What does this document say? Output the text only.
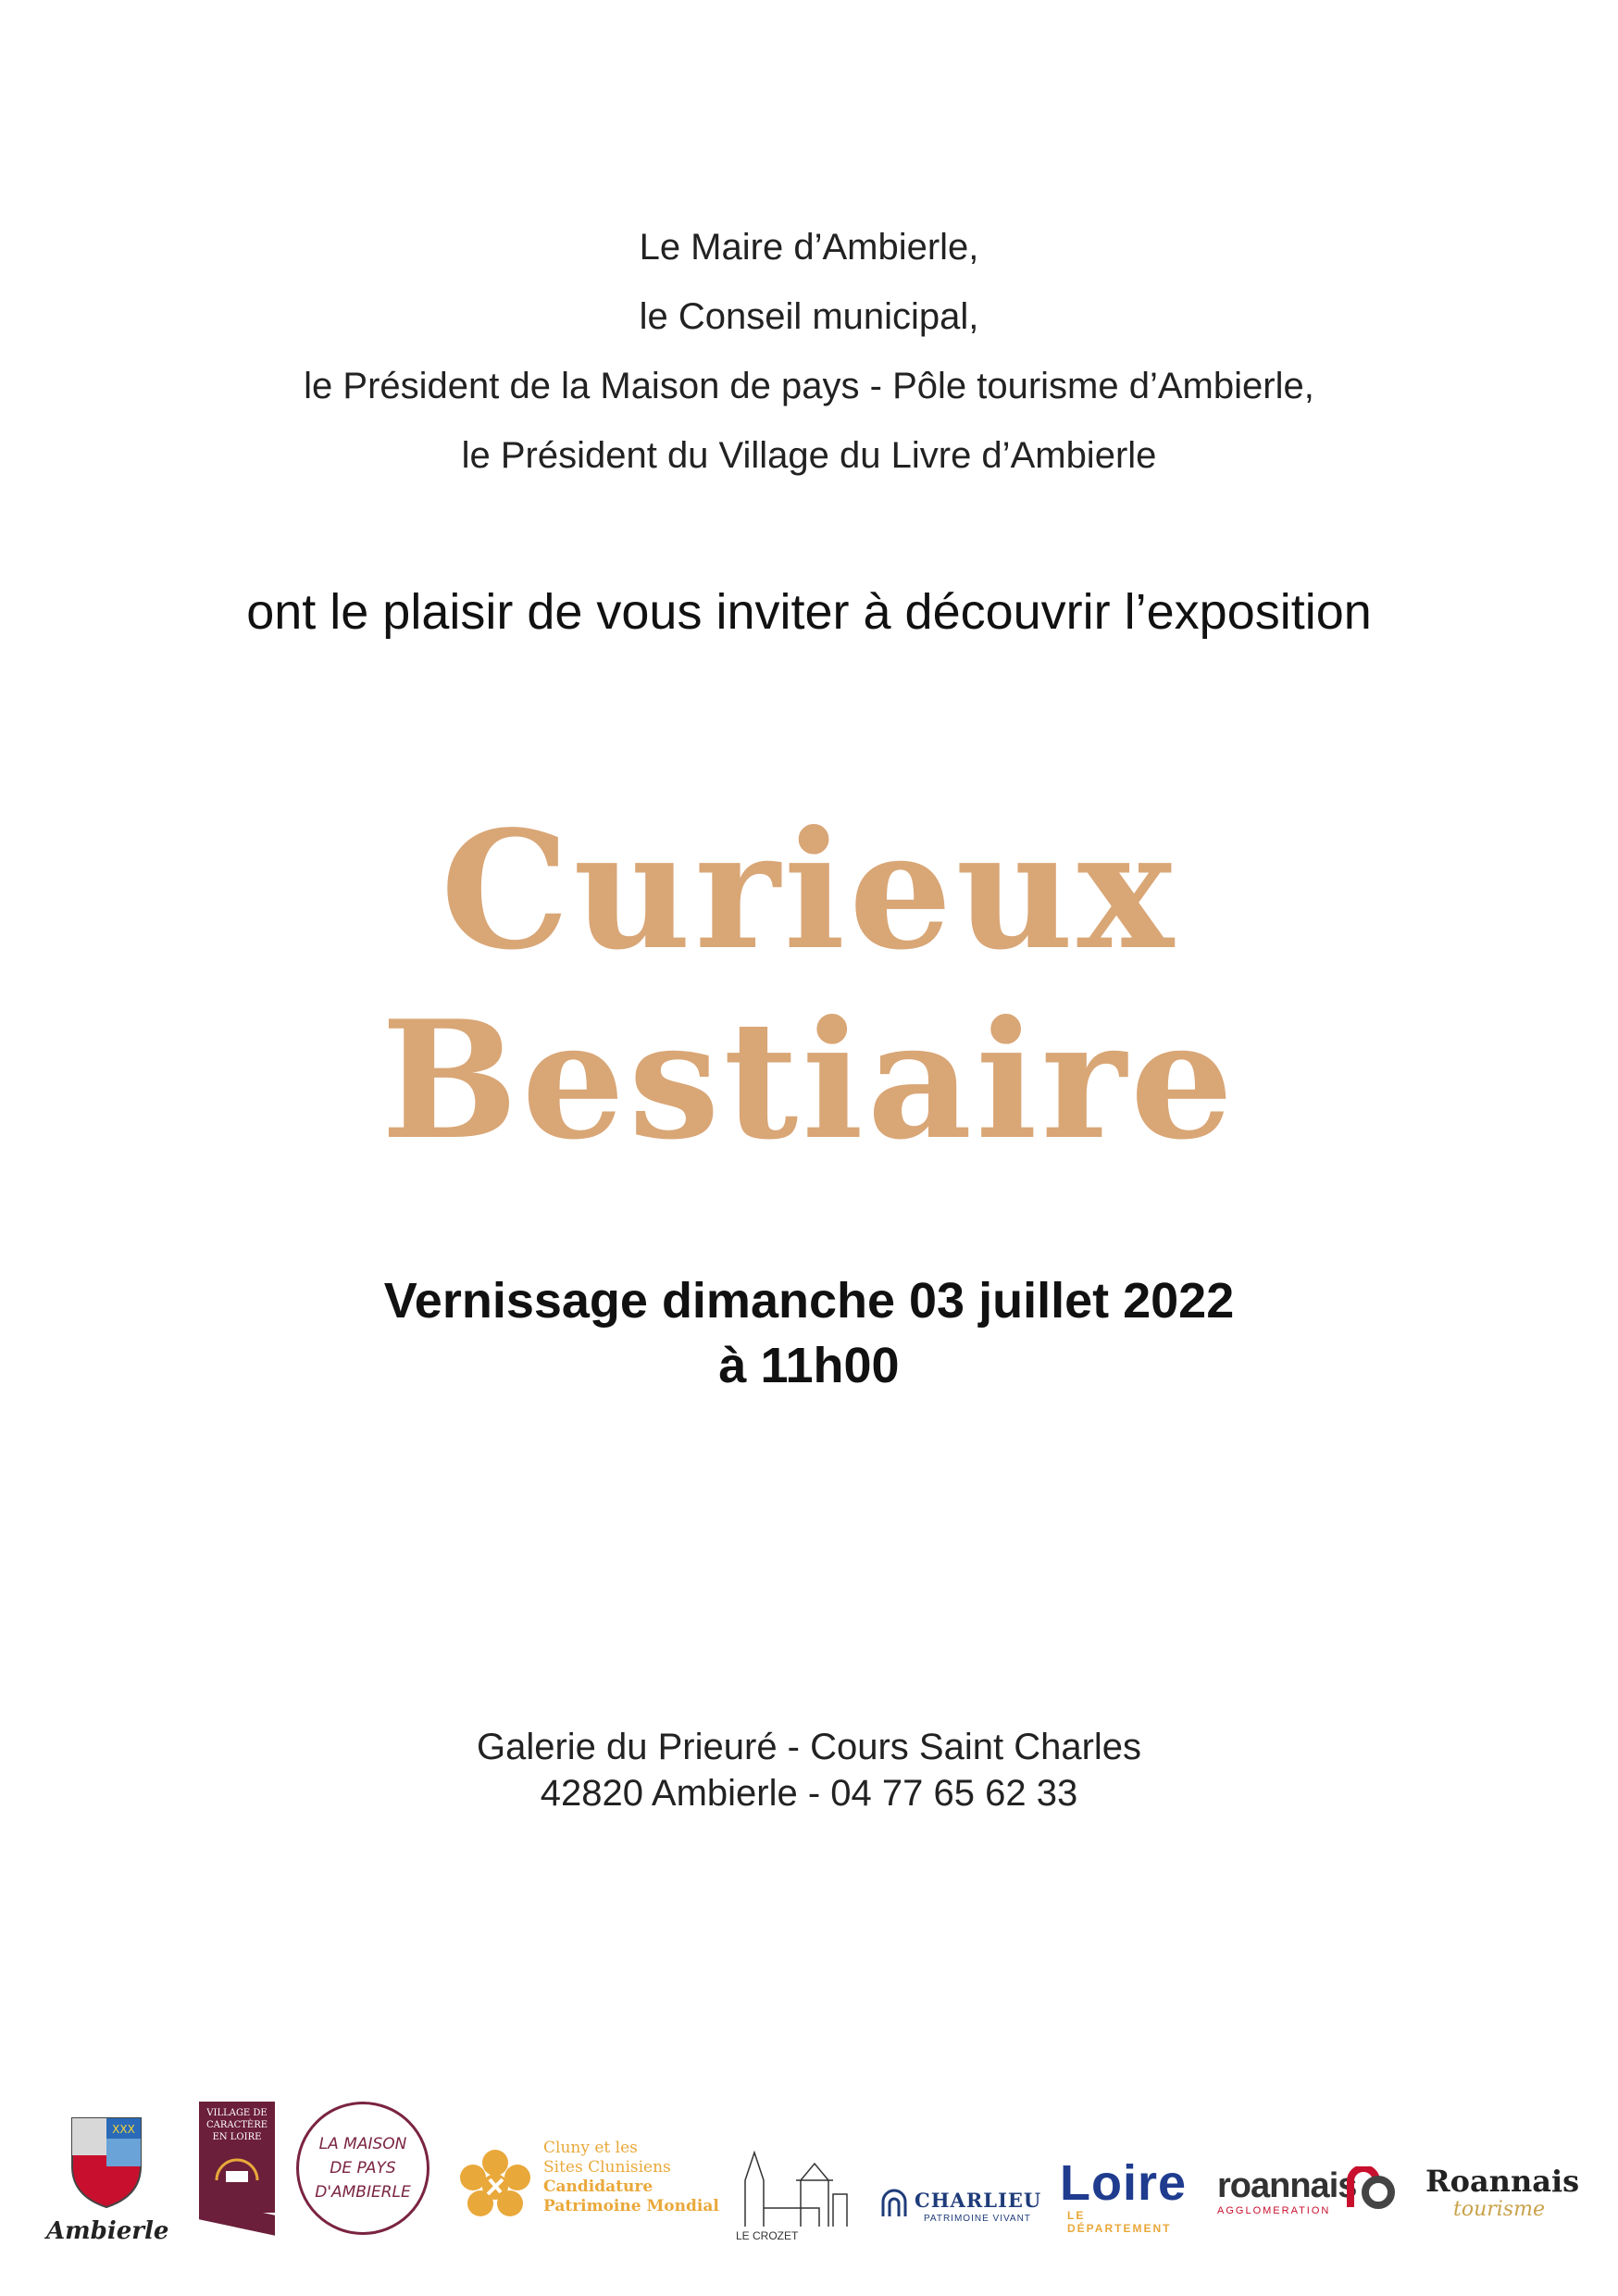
Le Maire d’Ambierle,
le Conseil municipal,
le Président de la Maison de pays - Pôle tourisme d’Ambierle,
le Président du Village du Livre d’Ambierle
ont le plaisir de vous inviter à découvrir l’exposition
Curieux Bestiaire
Vernissage dimanche 03 juillet 2022
à 11h00
Galerie du Prieuré - Cours Saint Charles
42820 Ambierle - 04 77 65 62 33
XXX
Ambierle
VILLAGE DE
CARACTÈRE
EN LOIRE	LA MAISON
DE PAYS
D'AMBIERLE
Cluny et les
Sites Clunisiens
Candidature
Patrimoine Mondial
LE CROZET
CHARLIEU
PATRIMOINE VIVANT
Loire
LE DÉPARTEMENT
roannais
AGGLOMERATION
Roannais
tourisme
